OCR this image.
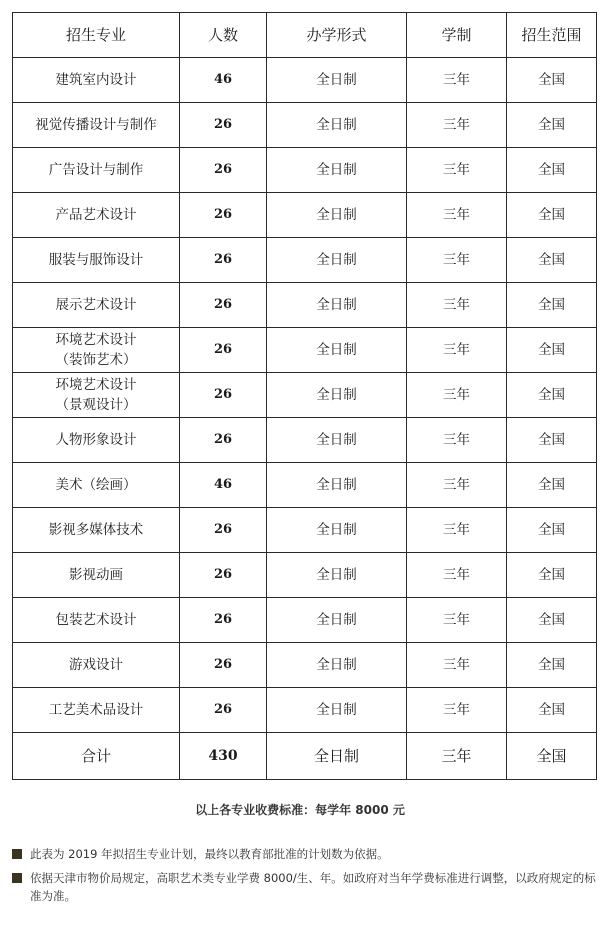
招生专业	人数	办学形式	学制	招生范围

建筑室内设计	46	全日制	三年	全国

视觉传播设计与制作	26	全日制	三年	全国

广告设计与制作	26	全日制	三年	全国

产品艺术设计	26	全日制	三年	全国

服装与服饰设计	26	全日制	三年	全国

展示艺术设计	26	全日制	三年	全国

环境艺术设计
（装饰艺术）	26	全日制	三年	全国

环境艺术设计
（景观设计）	26	全日制	三年	全国

人物形象设计	26	全日制	三年	全国

美术（绘画）	46	全日制	三年	全国

影视多媒体技术	26	全日制	三年	全国

影视动画	26	全日制	三年	全国

包装艺术设计	26	全日制	三年	全国

游戏设计	26	全日制	三年	全国

工艺美术品设计	26	全日制	三年	全国
合计	430	全日制	三年	全国
以上各专业收费标准：每学年 8000 元
此表为 2019 年拟招生专业计划，最终以教育部批准的计划数为依据。
依据天津市物价局规定，高职艺术类专业学费 8000/生、年。如政府对当年学费标准进行调整，以政府规定的标准为准。
